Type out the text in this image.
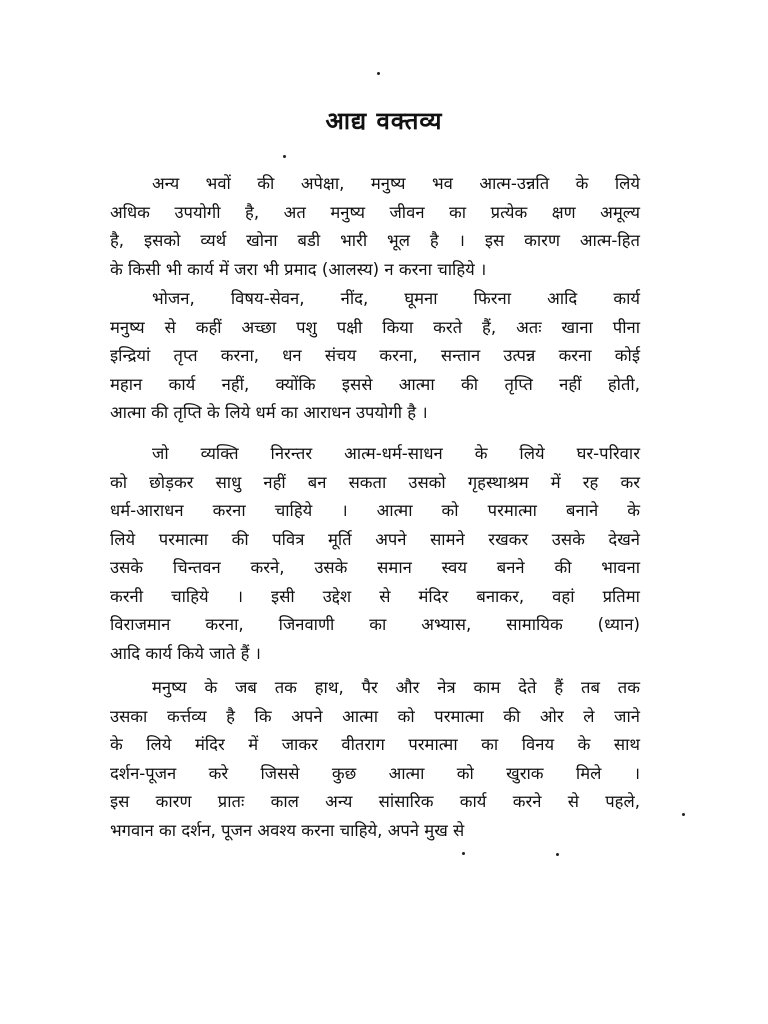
आद्य वक्तव्य
अन्य भवों की अपेक्षा, मनुष्य भव आत्म-उन्नति के लिये
अधिक उपयोगी है, अत मनुष्य जीवन का प्रत्येक क्षण अमूल्य
है, इसको व्यर्थ खोना बडी भारी भूल है । इस कारण आत्म-हित
के किसी भी कार्य में जरा भी प्रमाद (आलस्य) न करना चाहिये ।
भोजन, विषय-सेवन, नींद, घूमना फिरना आदि कार्य
मनुष्य से कहीं अच्छा पशु पक्षी किया करते हैं, अतः खाना पीना
इन्द्रियां तृप्त करना, धन संचय करना, सन्तान उत्पन्न करना कोई
महान कार्य नहीं, क्योंकि इससे आत्मा की तृप्ति नहीं होती,
आत्मा की तृप्ति के लिये धर्म का आराधन उपयोगी है ।
जो व्यक्ति निरन्तर आत्म-धर्म-साधन के लिये घर-परिवार
को छोड़कर साधु नहीं बन सकता उसको गृहस्थाश्रम में रह कर
धर्म-आराधन करना चाहिये । आत्मा को परमात्मा बनाने के
लिये परमात्मा की पवित्र मूर्ति अपने सामने रखकर उसके देखने
उसके चिन्तवन करने, उसके समान स्वय बनने की भावना
करनी चाहिये । इसी उद्देश से मंदिर बनाकर, वहां प्रतिमा
विराजमान करना, जिनवाणी का अभ्यास, सामायिक (ध्यान)
आदि कार्य किये जाते हैं ।
मनुष्य के जब तक हाथ, पैर और नेत्र काम देते हैं तब तक
उसका कर्त्तव्य है कि अपने आत्मा को परमात्मा की ओर ले जाने
के लिये मंदिर में जाकर वीतराग परमात्मा का विनय के साथ
दर्शन-पूजन करे जिससे कुछ आत्मा को खुराक मिले ।
इस कारण प्रातः काल अन्य सांसारिक कार्य करने से पहले,
भगवान का दर्शन, पूजन अवश्य करना चाहिये, अपने मुख से
